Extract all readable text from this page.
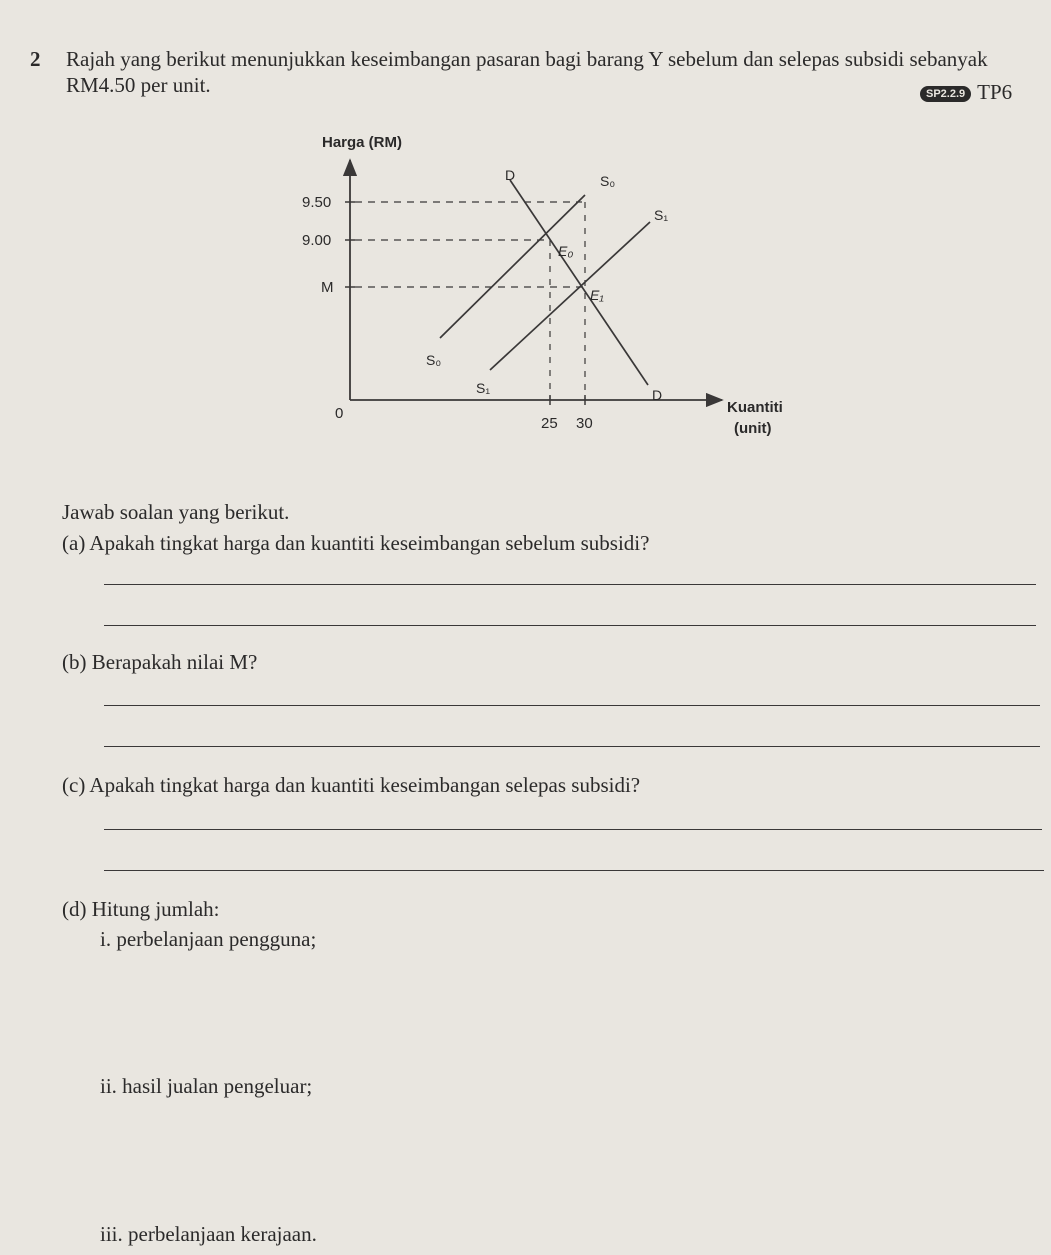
2 Rajah yang berikut menunjukkan keseimbangan pasaran bagi barang Y sebelum dan selepas subsidi sebanyak RM4.50 per unit.	SP2.2.9 TP6
Harga (RM)
Kuantiti
(unit)
0
9.50
9.00
M
25 30
D
D
S₀
S₀
S₁
S₁
E₀
E₁
Jawab soalan yang berikut.
(a) Apakah tingkat harga dan kuantiti keseimbangan sebelum subsidi?
(b) Berapakah nilai M?
(c) Apakah tingkat harga dan kuantiti keseimbangan selepas subsidi?
(d) Hitung jumlah:
i. perbelanjaan pengguna;
ii. hasil jualan pengeluar;
iii. perbelanjaan kerajaan.
